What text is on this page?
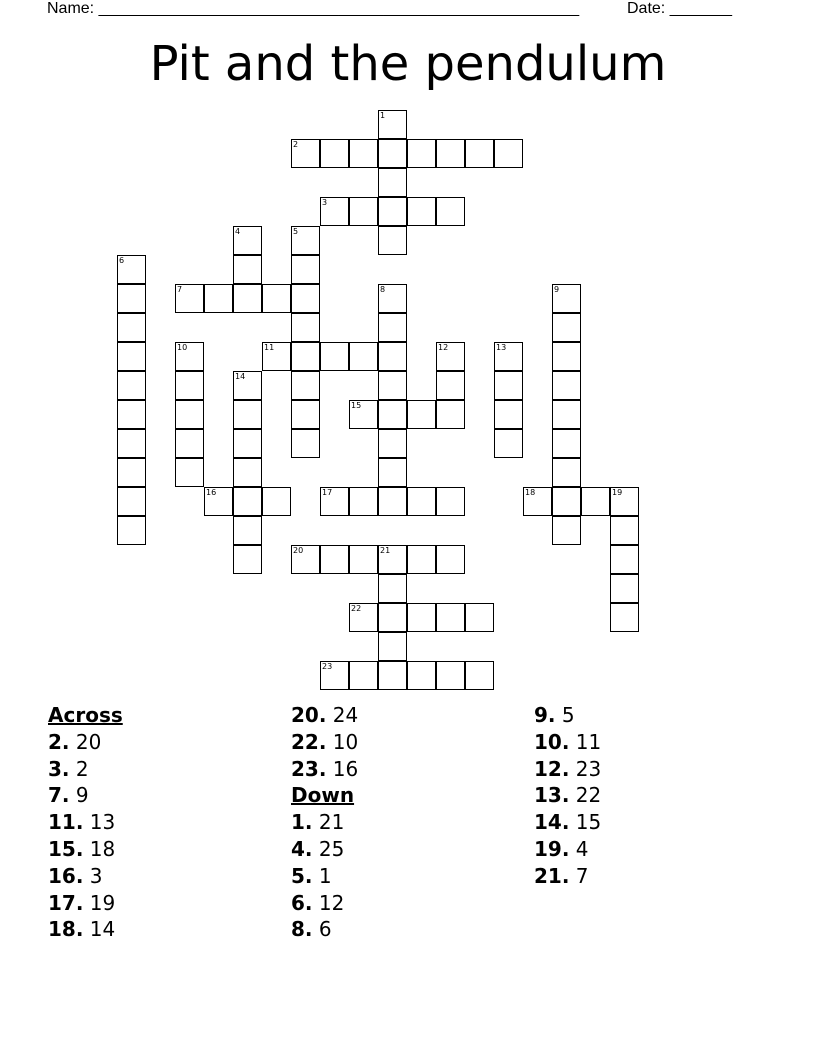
Name: ______________________________________________________	Date: _______
Pit and the pendulum
1
2
3
4	5
6
7	8	9
10	11	12	13
14
15
16	17	18	19
20	21
22
23
Across
2. 20
3. 2
7. 9
11. 13
15. 18
16. 3
17. 19
18. 14
20. 24
22. 10
23. 16
Down
1. 21
4. 25
5. 1
6. 12
8. 6
9. 5
10. 11
12. 23
13. 22
14. 15
19. 4
21. 7
